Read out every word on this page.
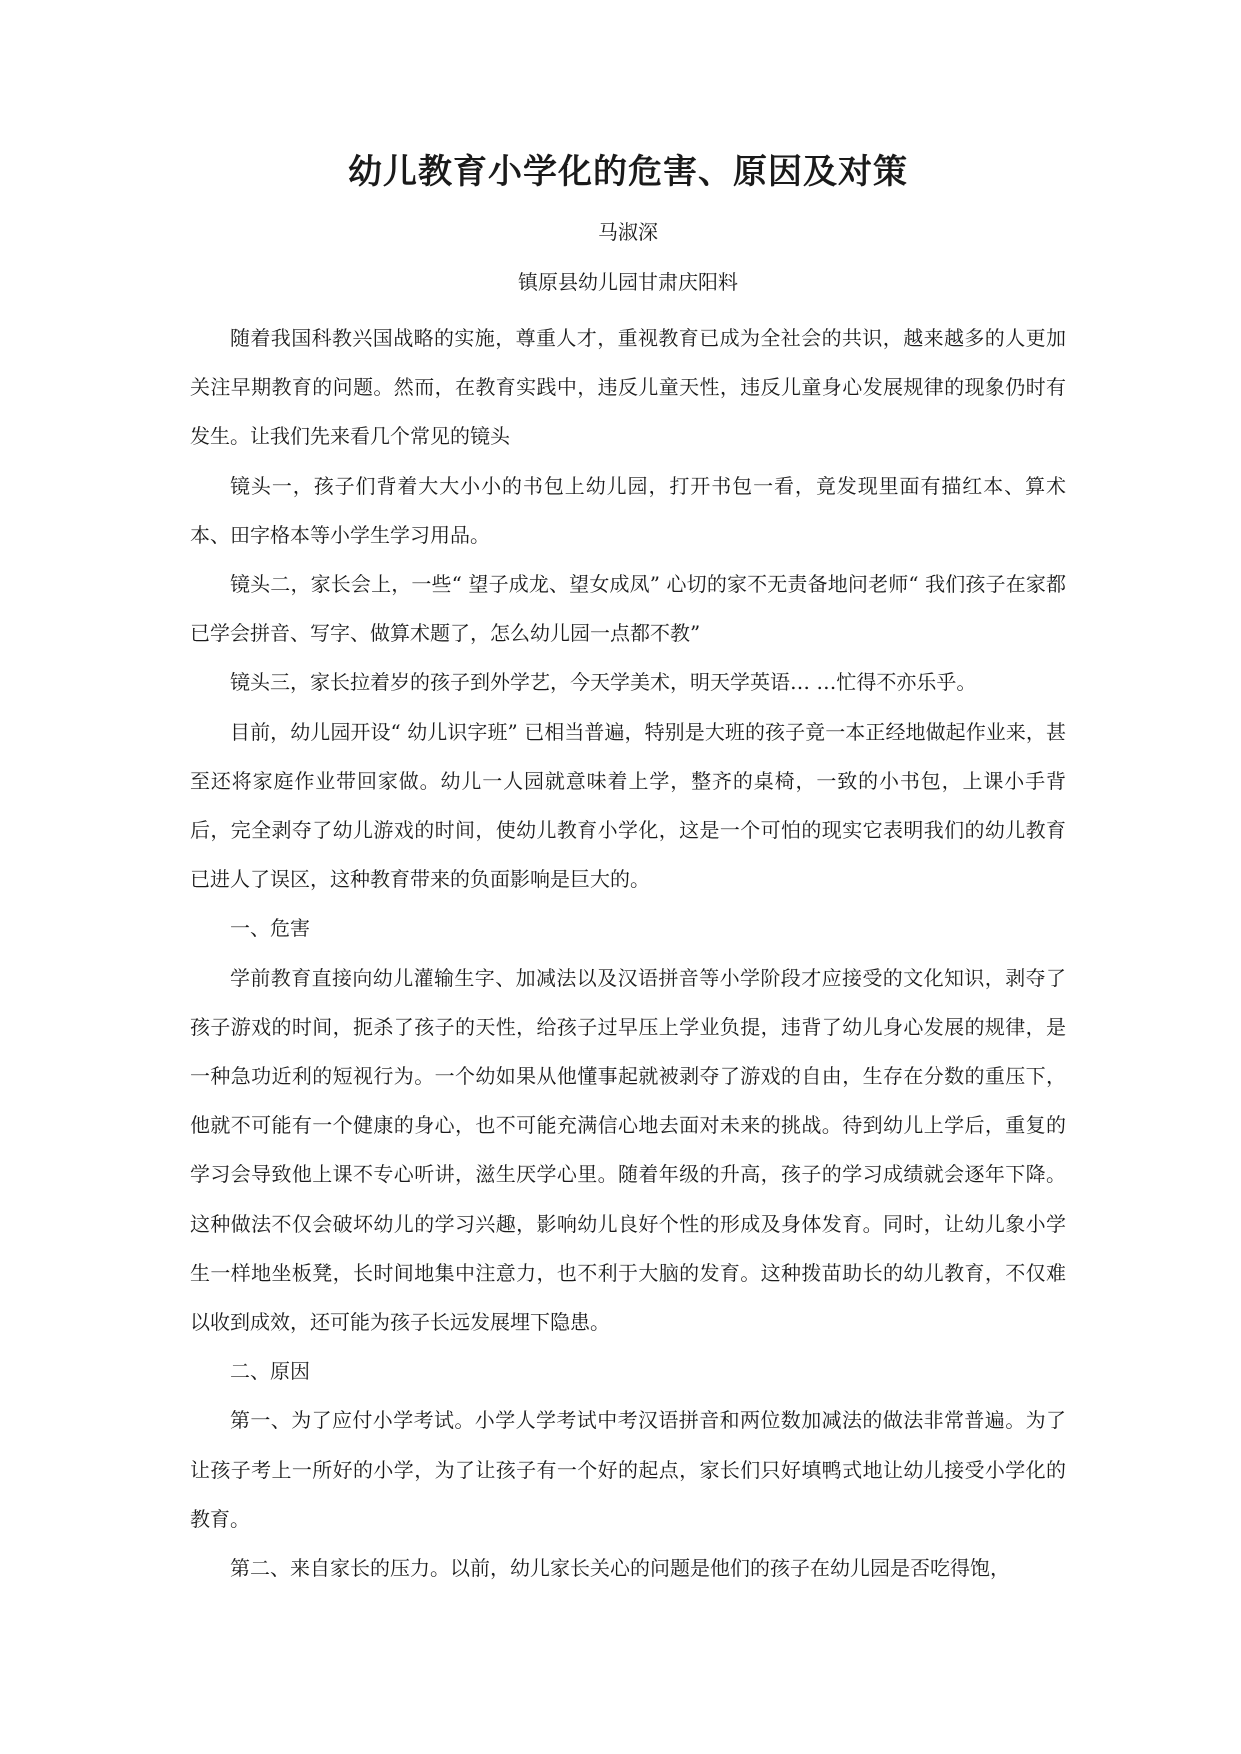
幼儿教育小学化的危害、原因及对策
马淑深
镇原县幼儿园甘肃庆阳料

随着我国科教兴国战略的实施，尊重人才，重视教育已成为全社会的共识，越来越多的人更加关注早期教育的问题。然而，在教育实践中，违反儿童天性，违反儿童身心发展规律的现象仍时有发生。让我们先来看几个常见的镜头

镜头一，孩子们背着大大小小的书包上幼儿园，打开书包一看，竟发现里面有描红本、算术本、田字格本等小学生学习用品。

镜头二，家长会上，一些“ 望子成龙、望女成凤” 心切的家不无责备地问老师“ 我们孩子在家都已学会拼音、写字、做算术题了，怎么幼儿园一点都不教”

镜头三，家长拉着岁的孩子到外学艺，今天学美术，明天学英语… …忙得不亦乐乎。

目前，幼儿园开设“ 幼儿识字班” 已相当普遍，特别是大班的孩子竟一本正经地做起作业来，甚至还将家庭作业带回家做。幼儿一人园就意味着上学，整齐的桌椅，一致的小书包，上课小手背后，完全剥夺了幼儿游戏的时间，使幼儿教育小学化，这是一个可怕的现实它表明我们的幼儿教育已进人了误区，这种教育带来的负面影响是巨大的。

一、危害

学前教育直接向幼儿灌输生字、加减法以及汉语拼音等小学阶段才应接受的文化知识，剥夺了孩子游戏的时间，扼杀了孩子的天性，给孩子过早压上学业负提，违背了幼儿身心发展的规律，是一种急功近利的短视行为。一个幼如果从他懂事起就被剥夺了游戏的自由，生存在分数的重压下，他就不可能有一个健康的身心，也不可能充满信心地去面对未来的挑战。待到幼儿上学后，重复的学习会导致他上课不专心听讲，滋生厌学心里。随着年级的升高，孩子的学习成绩就会逐年下降。这种做法不仅会破坏幼儿的学习兴趣，影响幼儿良好个性的形成及身体发育。同时，让幼儿象小学生一样地坐板凳，长时间地集中注意力，也不利于大脑的发育。这种拨苗助长的幼儿教育，不仅难以收到成效，还可能为孩子长远发展埋下隐患。

二、原因

第一、为了应付小学考试。小学人学考试中考汉语拼音和两位数加减法的做法非常普遍。为了让孩子考上一所好的小学，为了让孩子有一个好的起点，家长们只好填鸭式地让幼儿接受小学化的教育。

第二、来自家长的压力。以前，幼儿家长关心的问题是他们的孩子在幼儿园是否吃得饱，
